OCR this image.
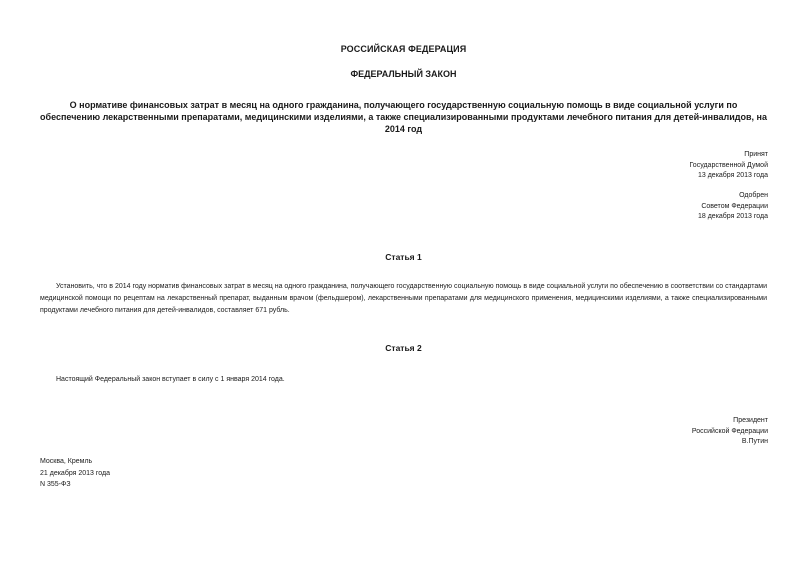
РОССИЙСКАЯ ФЕДЕРАЦИЯ
ФЕДЕРАЛЬНЫЙ ЗАКОН
О нормативе финансовых затрат в месяц на одного гражданина, получающего государственную социальную помощь в виде социальной услуги по обеспечению лекарственными препаратами, медицинскими изделиями, а также специализированными продуктами лечебного питания для детей-инвалидов, на 2014 год
Принят
Государственной Думой
13 декабря 2013 года
Одобрен
Советом Федерации
18 декабря 2013 года
Статья 1
Установить, что в 2014 году норматив финансовых затрат в месяц на одного гражданина, получающего государственную социальную помощь в виде социальной услуги по обеспечению в соответствии со стандартами медицинской помощи по рецептам на лекарственный препарат, выданным врачом (фельдшером), лекарственными препаратами для медицинского применения, медицинскими изделиями, а также специализированными продуктами лечебного питания для детей-инвалидов, составляет 671 рубль.
Статья 2
Настоящий Федеральный закон вступает в силу с 1 января 2014 года.
Президент
Российской Федерации
В.Путин
Москва, Кремль
21 декабря 2013 года
N 355-ФЗ
